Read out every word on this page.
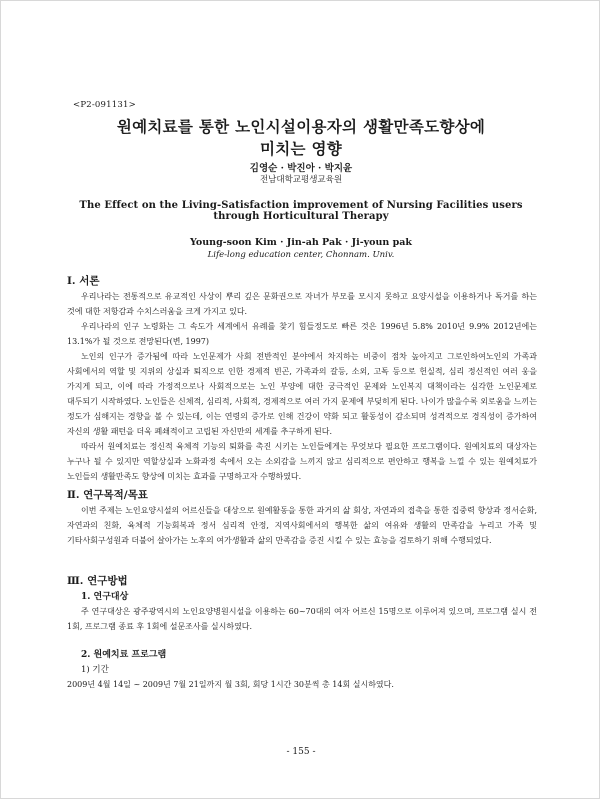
<P2-091131>
원예치료를 통한 노인시설이용자의 생활만족도향상에
미치는 영향
김영순 · 박진아 · 박지윤
전남대학교평생교육원
The Effect on the Living-Satisfaction improvement of Nursing Facilities users
through Horticultural Therapy
Young-soon Kim · Jin-ah Pak · Ji-youn pak
Life-long education center, Chonnam. Univ.
Ⅰ. 서론
우리나라는 전통적으로 유교적인 사상이 뿌리 깊은 문화권으로 자녀가 부모를 모시지 못하고 요양시설을 이용하거나 독거를 하는 것에 대한 저항감과 수치스러움을 크게 가지고 있다.
우리나라의 인구 노령화는 그 속도가 세계에서 유례를 찾기 힘들정도로 빠른 것은 1996년 5.8% 2010년 9.9% 2012년에는 13.1%가 될 것으로 전망된다(변, 1997)
노인의 인구가 증가됨에 따라 노인문제가 사회 전반적인 분야에서 차지하는 비중이 점차 높아지고 그로인하여노인의 가족과 사회에서의 역할 및 지위의 상실과 퇴직으로 인한 경제적 빈곤, 가족과의 갈등, 소외, 고독 등으로 헌실적, 심리 정신적인 여러 웅을 가지게 되고, 이에 따라 가정적으로나 사회적으로는 노인 부양에 대한 궁극적인 문제와 노인복지 대책이라는 심각한 노인문제로 대두되기 시작하였다. 노인들은 신체적, 심리적, 사회적, 경제적으로 여러 가지 문제에 부딪히게 된다. 나이가 많을수록 외로움을 느끼는 정도가 심해지는 경향을 볼 수 있는데, 이는 연령의 증가로 인해 건강이 약화 되고 활동성이 감소되며 성격적으로 경직성이 증가하여 자신의 생활 패턴을 더욱 폐쇄적이고 고립된 자신만의 세계를 추구하게 된다.
따라서 원예치료는 정신적 육체적 기능의 퇴화를 촉진 시키는 노인들에게는 무엇보다 필요한 프로그램이다. 원예치료의 대상자는 누구나 될 수 있지만 역할상실과 노화과정 속에서 오는 소외감을 느끼지 않고 심리적으로 편안하고 행복을 느낄 수 있는 원예치료가 노인들의 생활만족도 향상에 미치는 효과를 구명하고자 수행하였다.
Ⅱ. 연구목적/목표
이번 주제는 노인요양시설의 어르신들을 대상으로 원예활동을 통한 과거의 삶 회상, 자연과의 접촉을 통한 집중력 향상과 정서순화, 자연과의 친화, 육체적 기능회복과 정서 심리적 안정, 지역사회에서의 행복한 삶의 여유와 생활의 만족감을 누리고 가족 및 기타사회구성원과 더불어 살아가는 노후의 여가생활과 삶의 만족감을 증진 시킬 수 있는 효능을 검토하기 위해 수행되었다.
Ⅲ. 연구방법
1. 연구대상
주 연구대상은 광주광역시의 노인요양병원시설을 이용하는 60~70대의 여자 어르신 15명으로 이루어져 있으며, 프로그램 실시 전 1회, 프로그램 종료 후 1회에 설문조사를 실시하였다.
2. 원예치료 프로그램
1) 기간
2009년 4월 14일 ~ 2009년 7월 21일까지 월 3회, 회당 1시간 30분씩 총 14회 실시하였다.
- 155 -
